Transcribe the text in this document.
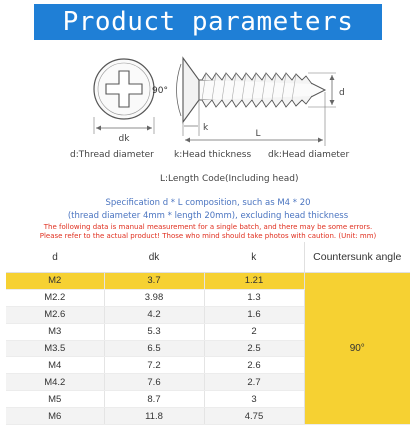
Product parameters
dk
90°
k
L
d
d:Thread diameter k:Head thickness dk:Head diameter
L:Length Code(Including head)
Specification d * L composition, such as M4 * 20
(thread diameter 4mm * length 20mm), excluding head thickness
The following data is manual measurement for a single batch, and there may be some errors.
Please refer to the actual product! Those who mind should take photos with caution. (Unit: mm)
d	dk	k	Countersunk angle
M2	3.7	1.21	90°
M2.2	3.98	1.3	
M2.6	4.2	1.6	
M3	5.3	2	
M3.5	6.5	2.5	
M4	7.2	2.6	
M4.2	7.6	2.7	
M5	8.7	3	
M6	11.8	4.75	
